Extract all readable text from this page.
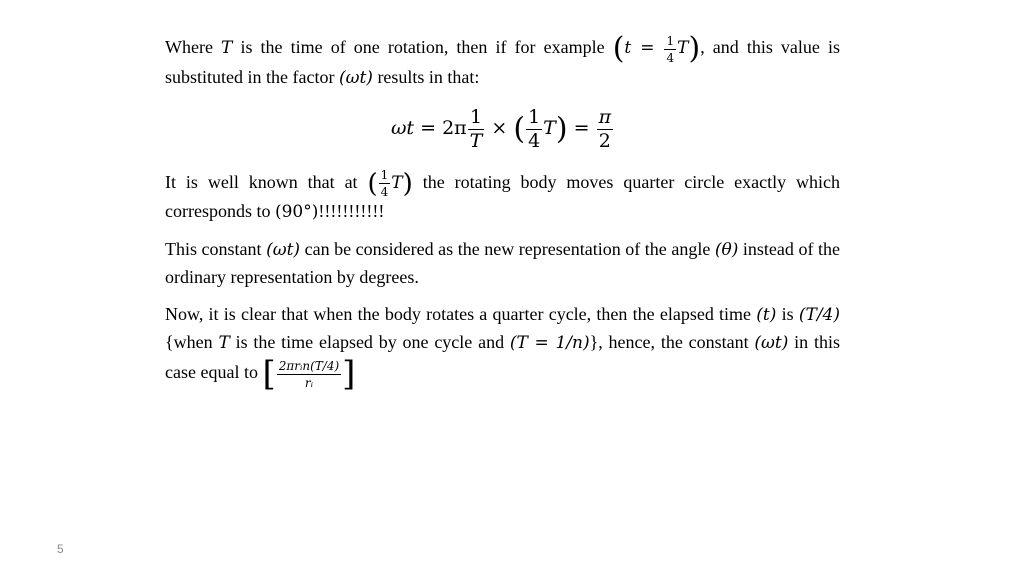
Where T is the time of one rotation, then if for example $(t = \frac{1}{4} T)$, and this value is substituted in the factor (ωt) results in that:

$\omega t = 2\pi \frac{1}{T}$ × ( $\frac{1}{4} T) = \frac{\pi}{2}$

It is well known that at ( $\frac{1}{4} T$) the rotating body moves quarter circle exactly which corresponds to (90°)!!!!!!!!!!!

This constant (ωt) can be considered as the new representation of the angle (θ) instead of the ordinary representation by degrees.

Now, it is clear that when the body rotates a quarter cycle, then the elapsed time (t) is (T/4) {when T is the time elapsed by one cycle and (T = 1/n)}, hence, the constant (ωt) in this case equal to [ $\frac{\text{2πrᵢn(T/4)}}{\text{rᵢ}}$ ]

5
